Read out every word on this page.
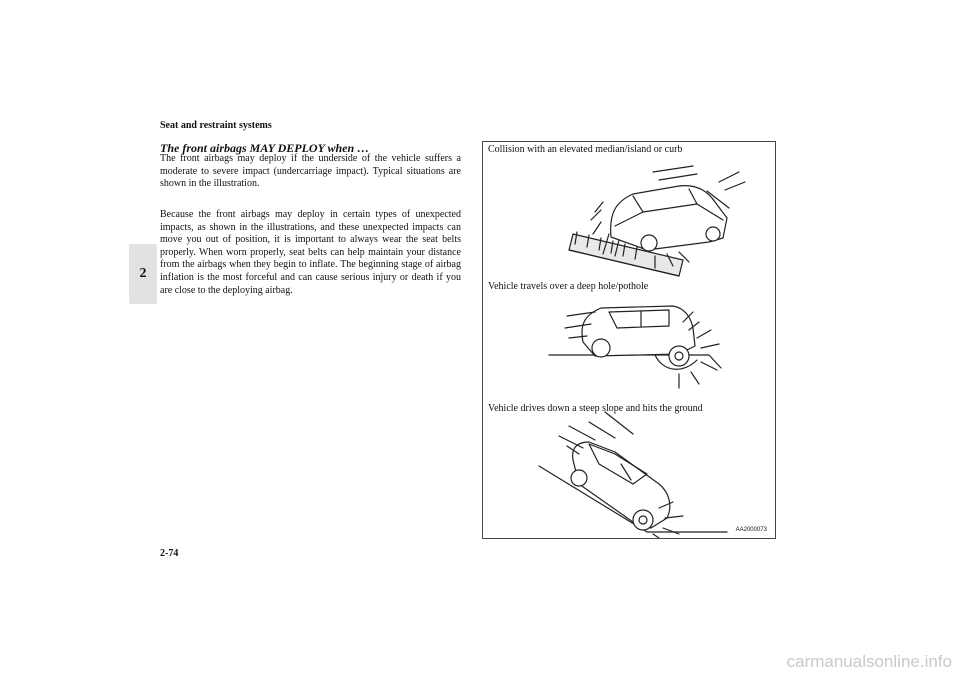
Seat and restraint systems
2
The front airbags MAY DEPLOY when …
The front airbags may deploy if the underside of the vehicle suffers a moderate to severe impact (undercarriage impact). Typical situations are shown in the illustration.
Because the front airbags may deploy in certain types of unexpected impacts, as shown in the illustrations, and these unexpected impacts can move you out of position, it is important to always wear the seat belts properly. When worn properly, seat belts can help maintain your distance from the airbags when they begin to inflate. The beginning stage of airbag inflation is the most forceful and can cause serious injury or death if you are close to the deploying airbag.
Collision with an elevated median/island or curb
Vehicle travels over a deep hole/pothole
Vehicle drives down a steep slope and hits the ground
AA2000073
2-74
carmanualsonline.info
